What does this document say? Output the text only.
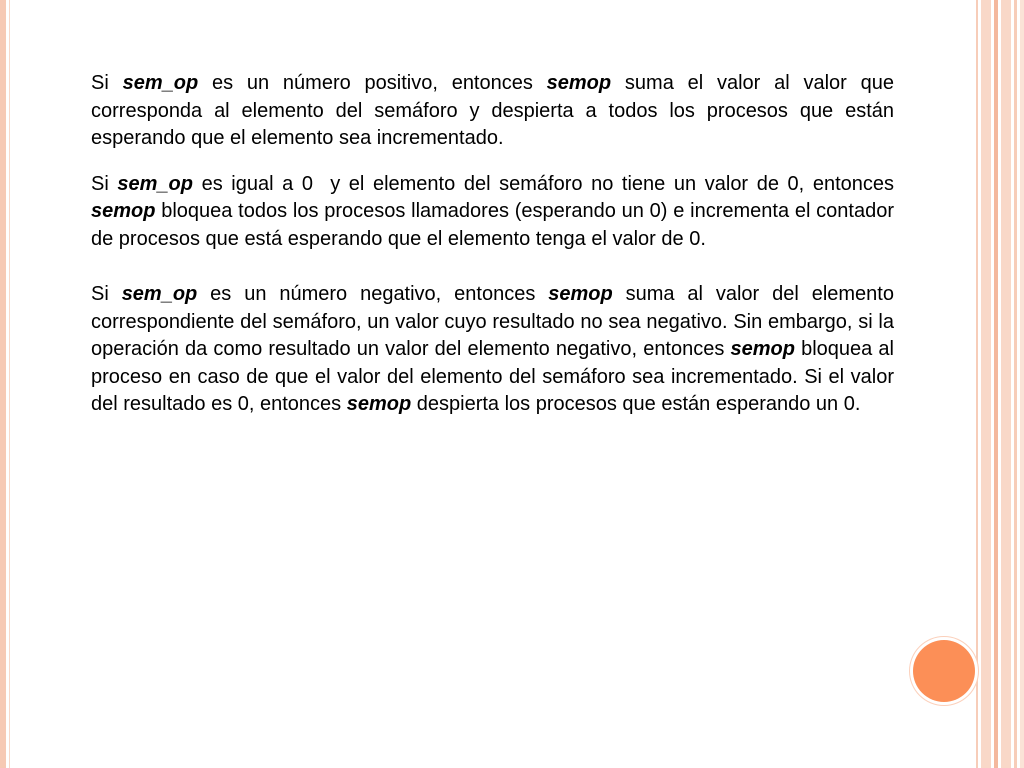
Si sem_op es un número positivo, entonces semop suma el valor al valor que corresponda al elemento del semáforo y despierta a todos los procesos que están esperando que el elemento sea incrementado.

Si sem_op es igual a 0  y el elemento del semáforo no tiene un valor de 0, entonces semop bloquea todos los procesos llamadores (esperando un 0) e incrementa el contador de procesos que está esperando que el elemento tenga el valor de 0.

Si sem_op es un número negativo, entonces semop suma al valor del elemento correspondiente del semáforo, un valor cuyo resultado no sea negativo. Sin embargo, si la operación da como resultado un valor del elemento negativo, entonces semop bloquea al proceso en caso de que el valor del elemento del semáforo sea incrementado. Si el valor del resultado es 0, entonces semop despierta los procesos que están esperando un 0.
